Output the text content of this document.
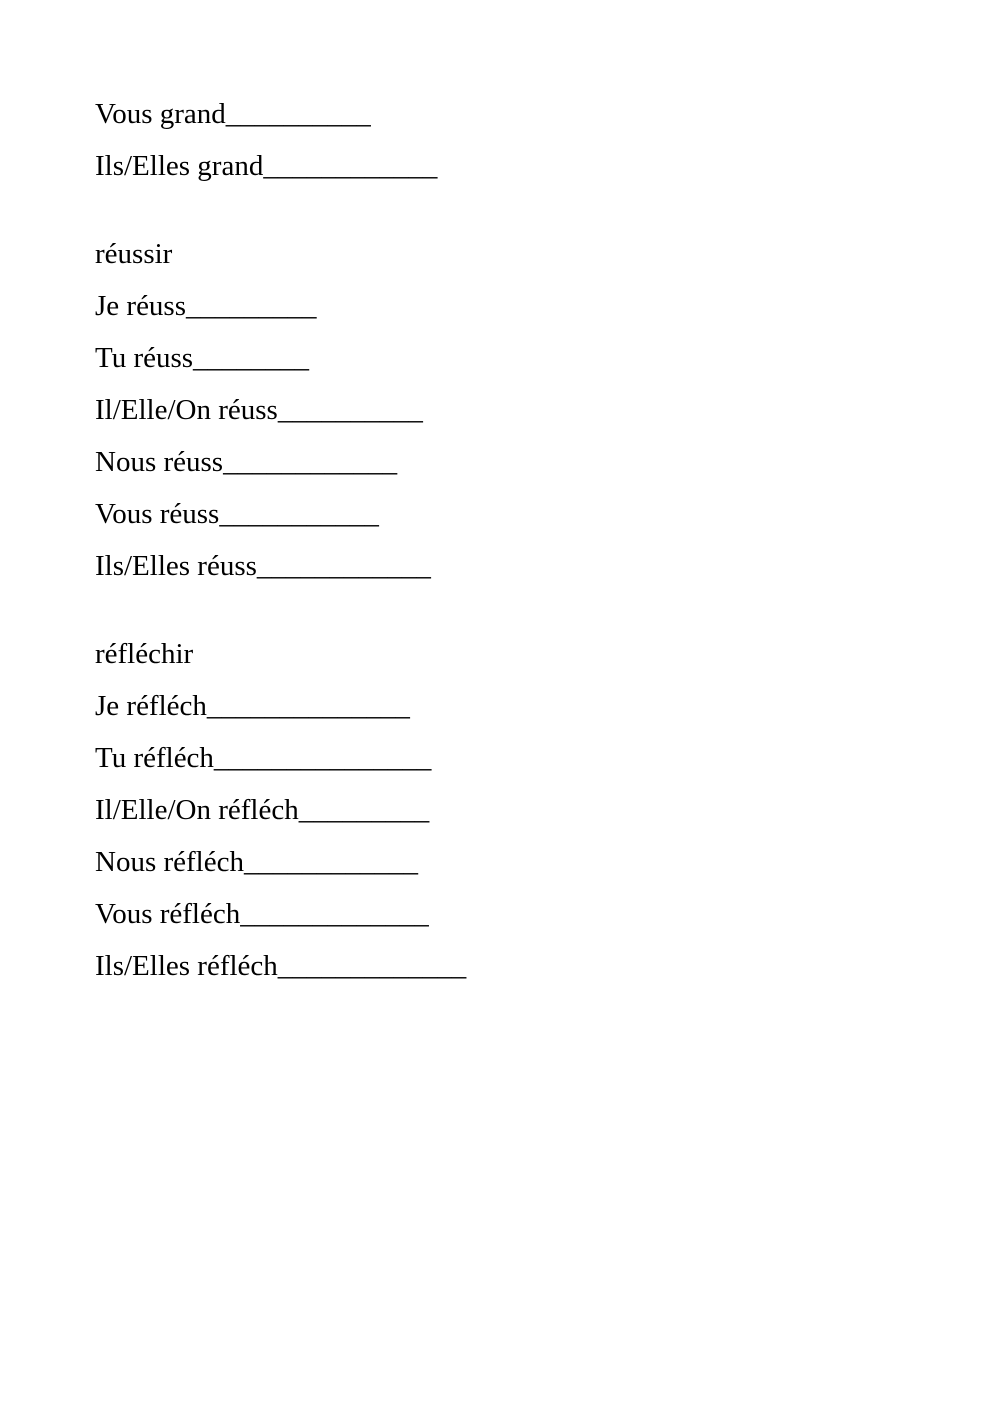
Vous grand__________
Ils/Elles grand____________
réussir
Je réuss_________
Tu réuss________
Il/Elle/On réuss__________
Nous réuss____________
Vous réuss___________
Ils/Elles réuss____________
réfléchir
Je réfléch______________
Tu réfléch_______________
Il/Elle/On réfléch_________
Nous réfléch____________
Vous réfléch_____________
Ils/Elles réfléch_____________
